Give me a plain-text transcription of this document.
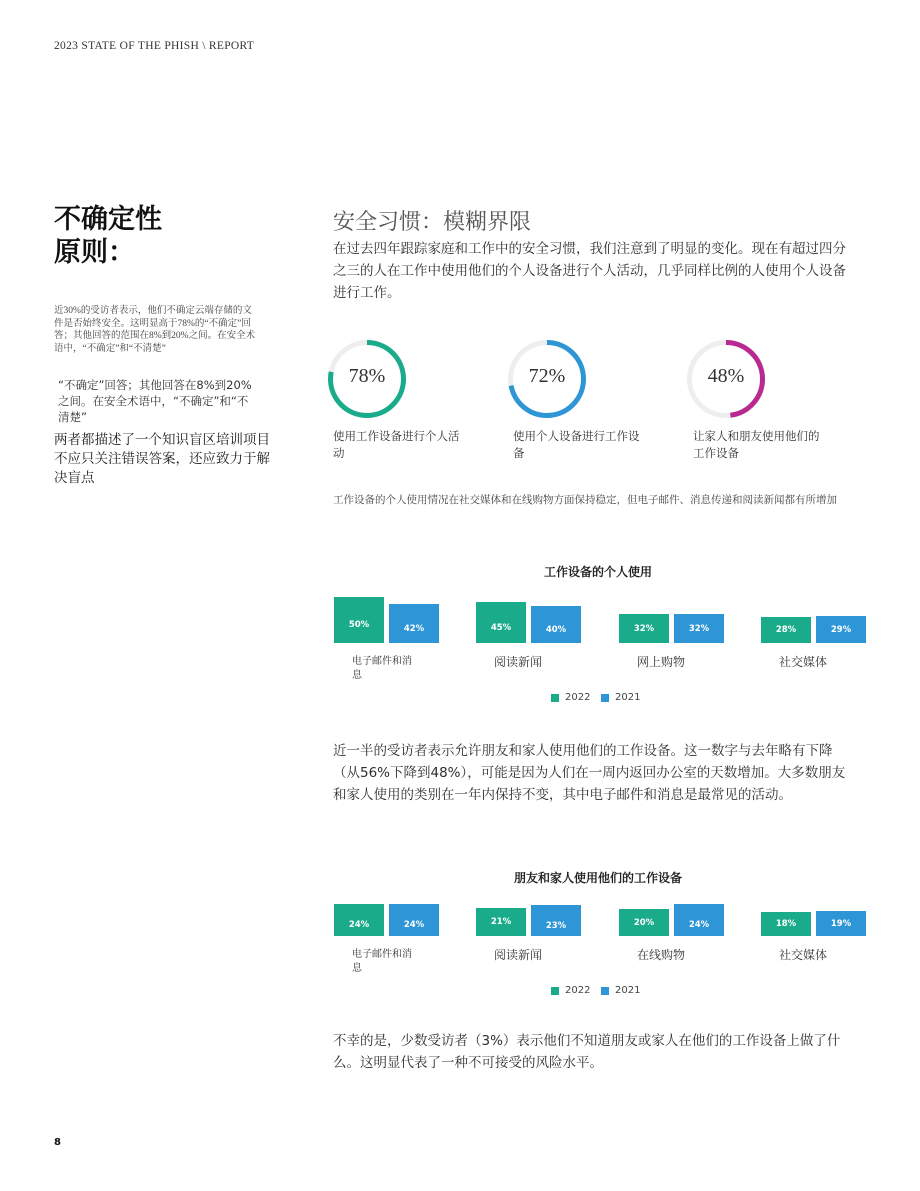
2023 STATE OF THE PHISH \ REPORT
不确定性
原则：
近30%的受访者表示，他们不确定云端存储的文件是否始终安全。这明显高于78%的“不确定”回答；其他回答的范围在8%到20%之间。在安全术语中，“不确定”和“不清楚”
“不确定”回答；其他回答在8%到20%之间。在安全术语中，“不确定”和“不清楚”
两者都描述了一个知识盲区培训项目不应只关注错误答案，还应致力于解决盲点
安全习惯：模糊界限
在过去四年跟踪家庭和工作中的安全习惯，我们注意到了明显的变化。现在有超过四分之三的人在工作中使用他们的个人设备进行个人活动，几乎同样比例的人使用个人设备进行工作。
78%	72%	48%
使用工作设备进行个人活动
使用个人设备进行工作设备
让家人和朋友使用他们的工作设备
工作设备的个人使用情况在社交媒体和在线购物方面保持稳定，但电子邮件、消息传递和阅读新闻都有所增加
工作设备的个人使用
50%	42%
电子邮件和消息
45%	40%
阅读新闻
32%	32%
网上购物
28%	29%
社交媒体
2022 2021
近一半的受访者表示允许朋友和家人使用他们的工作设备。这一数字与去年略有下降（从56%下降到48%），可能是因为人们在一周内返回办公室的天数增加。大多数朋友和家人使用的类别在一年内保持不变，其中电子邮件和消息是最常见的活动。
朋友和家人使用他们的工作设备
24%	24%
电子邮件和消息
21%	23%
阅读新闻
20%	24%
在线购物
18%	19%
社交媒体
2022 2021
不幸的是，少数受访者（3%）表示他们不知道朋友或家人在他们的工作设备上做了什么。这明显代表了一种不可接受的风险水平。
8
